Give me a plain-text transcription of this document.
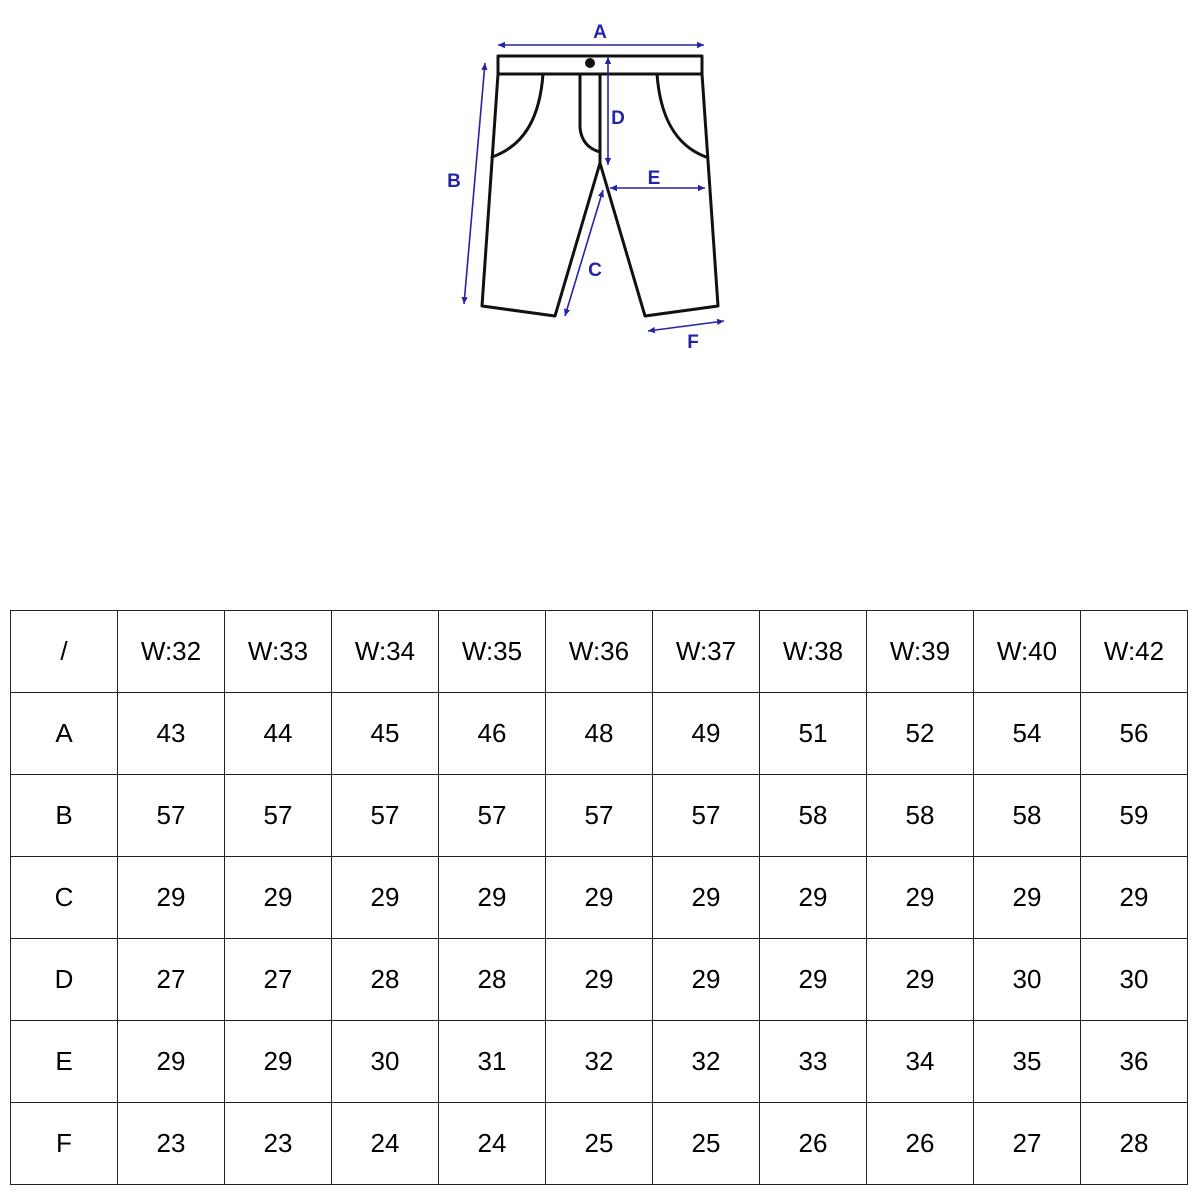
A
B
C
D
E
F
/	W:32	W:33	W:34	W:35	W:36	W:37	W:38	W:39	W:40	W:42
A	43	44	45	46	48	49	51	52	54	56
B	57	57	57	57	57	57	58	58	58	59
C	29	29	29	29	29	29	29	29	29	29
D	27	27	28	28	29	29	29	29	30	30
E	29	29	30	31	32	32	33	34	35	36
F	23	23	24	24	25	25	26	26	27	28
